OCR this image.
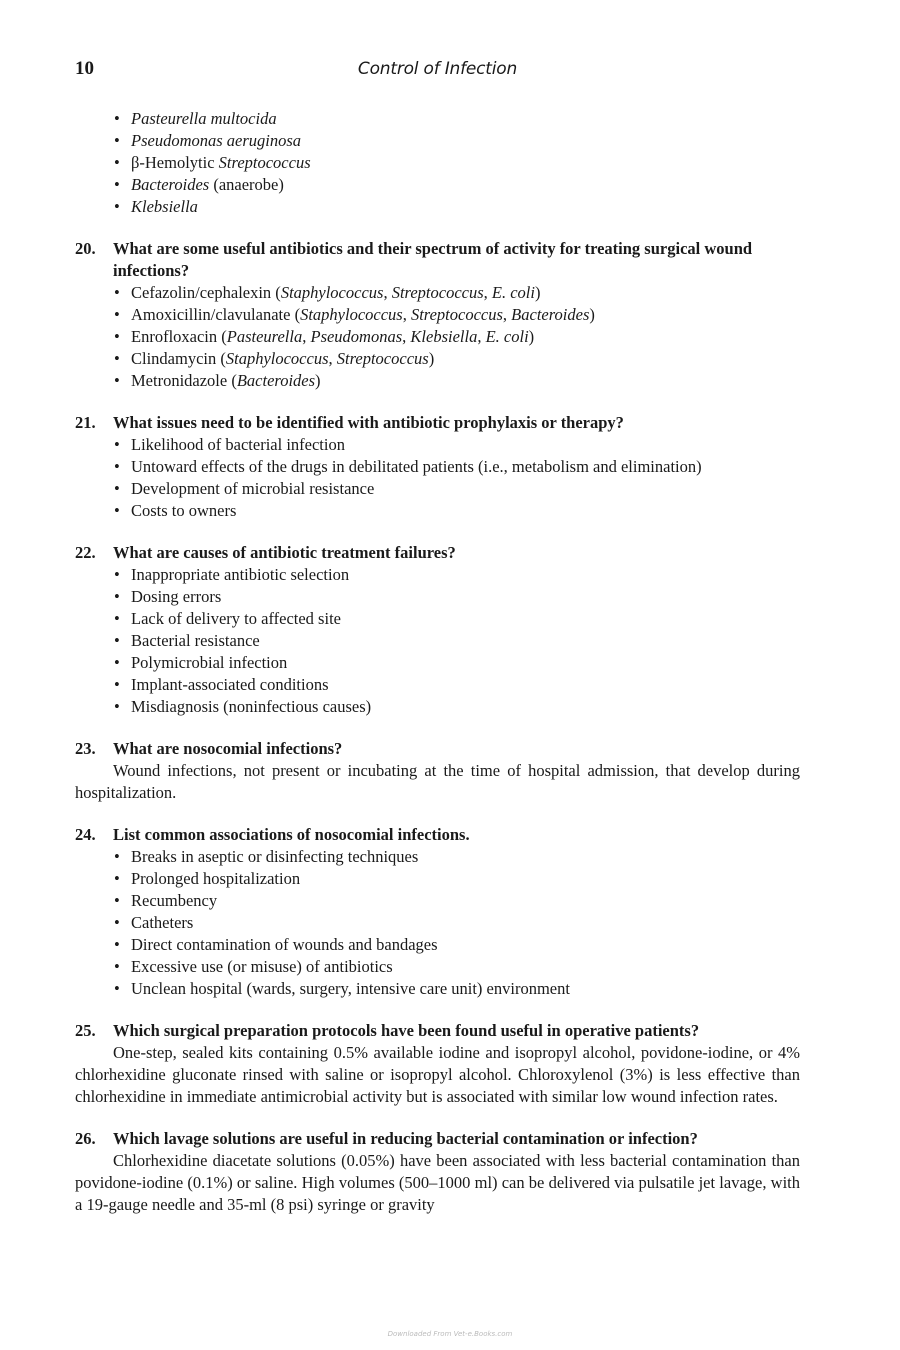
10	Control of Infection
• Pasteurella multocida
• Pseudomonas aeruginosa
• β-Hemolytic Streptococcus
• Bacteroides (anaerobe)
• Klebsiella
20.	What are some useful antibiotics and their spectrum of activity for treating surgical wound infections?
• Cefazolin/cephalexin (Staphylococcus, Streptococcus, E. coli)
• Amoxicillin/clavulanate (Staphylococcus, Streptococcus, Bacteroides)
• Enrofloxacin (Pasteurella, Pseudomonas, Klebsiella, E. coli)
• Clindamycin (Staphylococcus, Streptococcus)
• Metronidazole (Bacteroides)
21.	What issues need to be identified with antibiotic prophylaxis or therapy?
• Likelihood of bacterial infection
• Untoward effects of the drugs in debilitated patients (i.e., metabolism and elimination)
• Development of microbial resistance
• Costs to owners
22.	What are causes of antibiotic treatment failures?
• Inappropriate antibiotic selection
• Dosing errors
• Lack of delivery to affected site
• Bacterial resistance
• Polymicrobial infection
• Implant-associated conditions
• Misdiagnosis (noninfectious causes)
23.	What are nosocomial infections?

Wound infections, not present or incubating at the time of hospital admission, that develop during hospitalization.

24.	List common associations of nosocomial infections.
• Breaks in aseptic or disinfecting techniques
• Prolonged hospitalization
• Recumbency
• Catheters
• Direct contamination of wounds and bandages
• Excessive use (or misuse) of antibiotics
• Unclean hospital (wards, surgery, intensive care unit) environment
25.	Which surgical preparation protocols have been found useful in operative patients?

One-step, sealed kits containing 0.5% available iodine and isopropyl alcohol, povidone-iodine, or 4% chlorhexidine gluconate rinsed with saline or isopropyl alcohol. Chloroxylenol (3%) is less effective than chlorhexidine in immediate antimicrobial activity but is associated with similar low wound infection rates.

26.	Which lavage solutions are useful in reducing bacterial contamination or infection?

Chlorhexidine diacetate solutions (0.05%) have been associated with less bacterial contamination than povidone-iodine (0.1%) or saline. High volumes (500–1000 ml) can be delivered via pulsatile jet lavage, with a 19-gauge needle and 35-ml (8 psi) syringe or gravity

Downloaded From Vet-e.Books.com
